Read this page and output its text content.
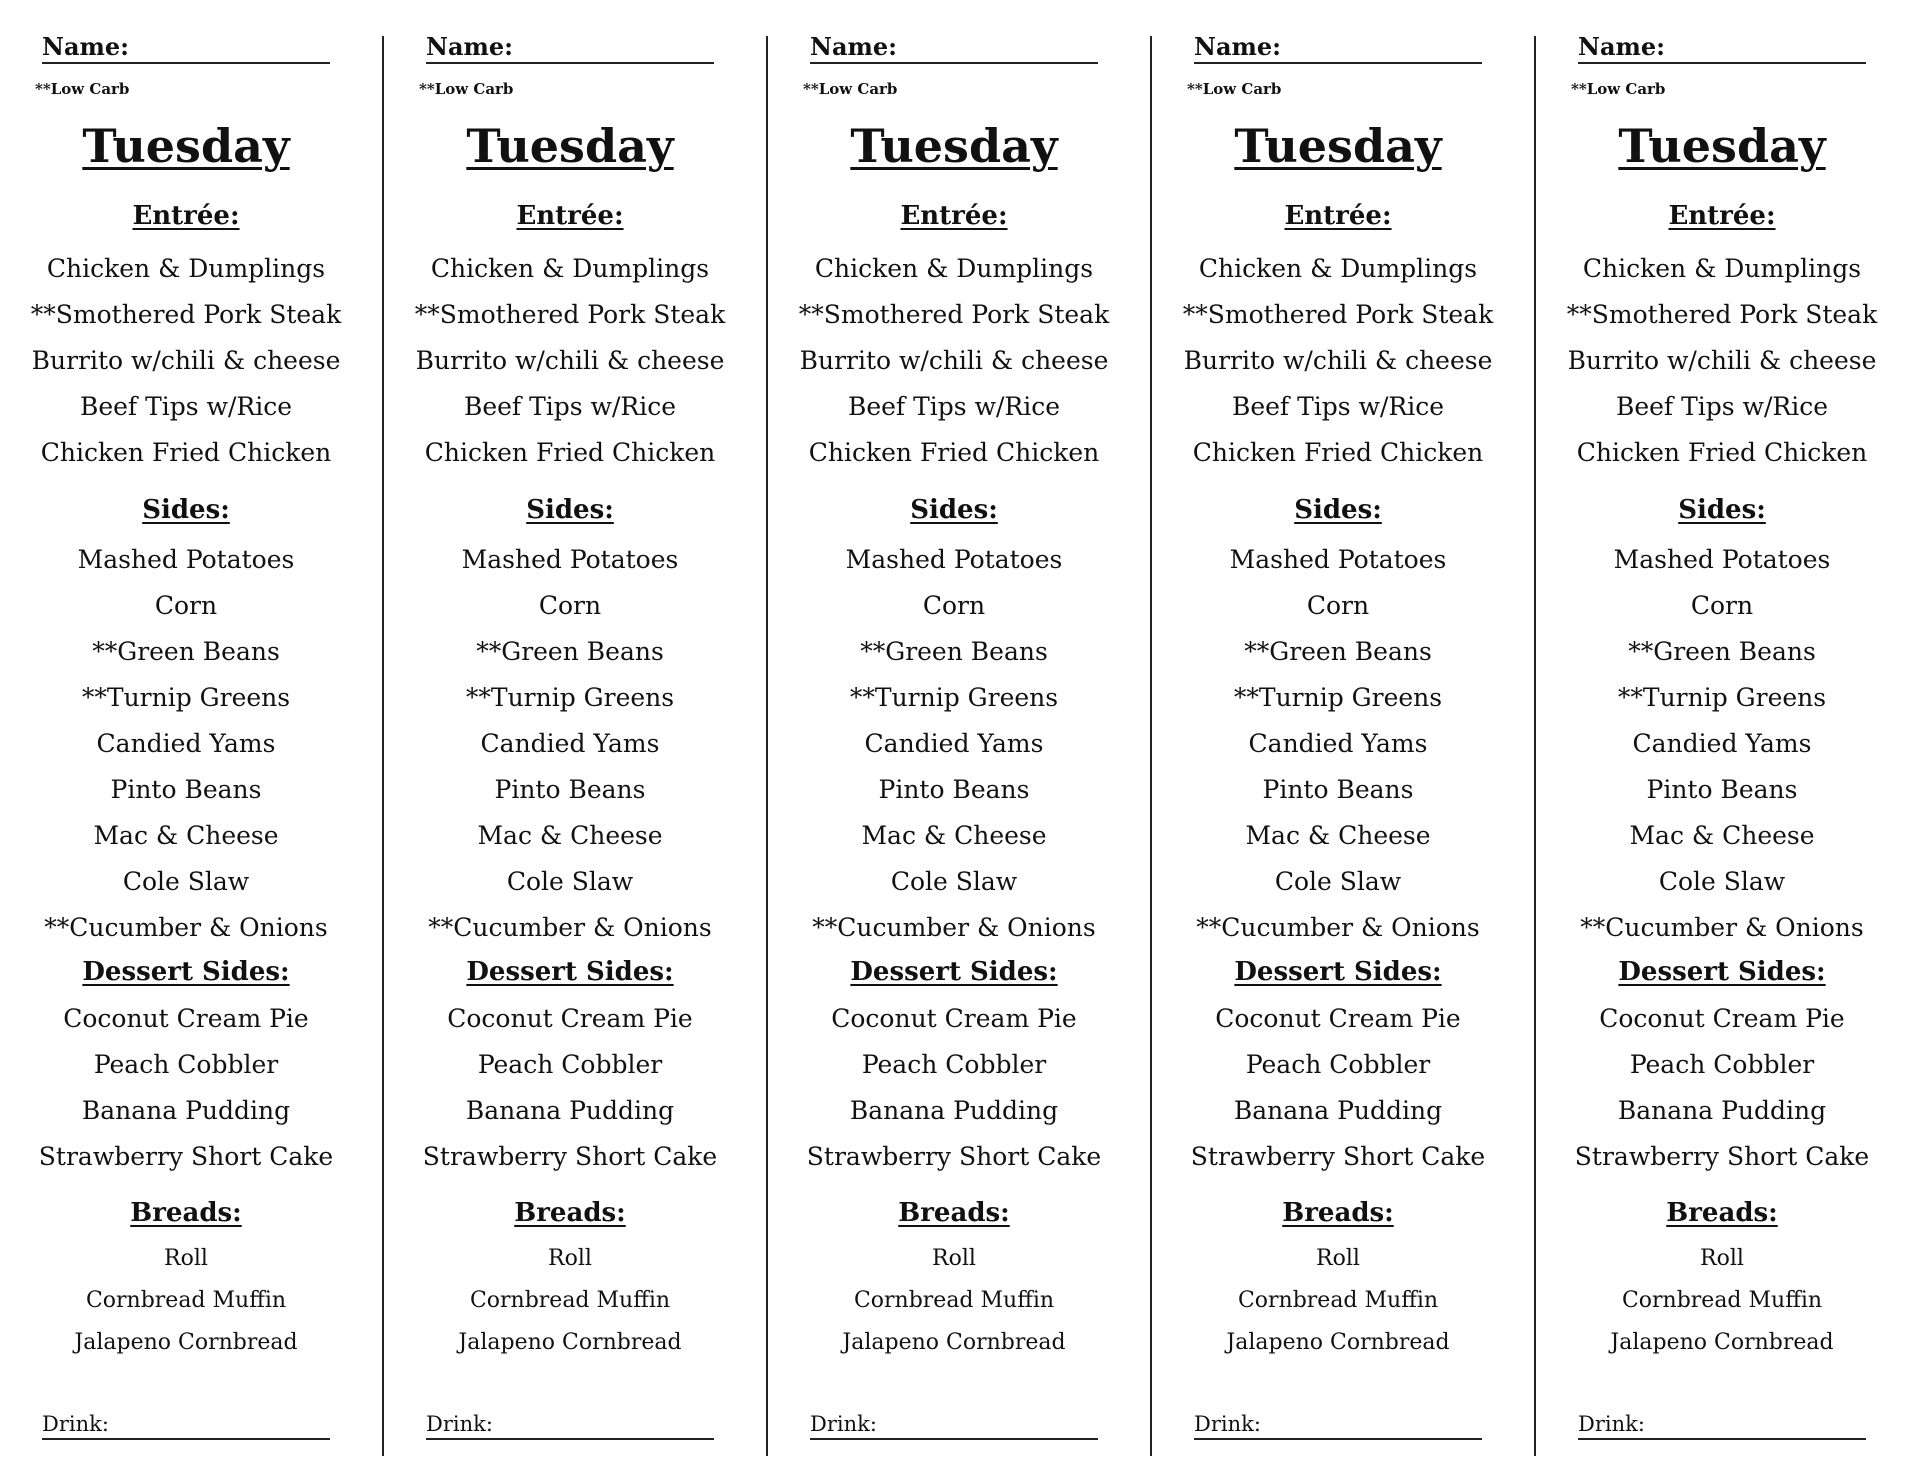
Name:
**Low Carb
Tuesday
Entrée:
Chicken & Dumplings
**Smothered Pork Steak
Burrito w/chili & cheese
Beef Tips w/Rice
Chicken Fried Chicken
Sides:
Mashed Potatoes
Corn
**Green Beans
**Turnip Greens
Candied Yams
Pinto Beans
Mac & Cheese
Cole Slaw
**Cucumber & Onions
Dessert Sides:
Coconut Cream Pie
Peach Cobbler
Banana Pudding
Strawberry Short Cake
Breads:
Roll
Cornbread Muffin
Jalapeno Cornbread
Drink:
Name:
**Low Carb
Tuesday
Entrée:
Chicken & Dumplings
**Smothered Pork Steak
Burrito w/chili & cheese
Beef Tips w/Rice
Chicken Fried Chicken
Sides:
Mashed Potatoes
Corn
**Green Beans
**Turnip Greens
Candied Yams
Pinto Beans
Mac & Cheese
Cole Slaw
**Cucumber & Onions
Dessert Sides:
Coconut Cream Pie
Peach Cobbler
Banana Pudding
Strawberry Short Cake
Breads:
Roll
Cornbread Muffin
Jalapeno Cornbread
Drink:
Name:
**Low Carb
Tuesday
Entrée:
Chicken & Dumplings
**Smothered Pork Steak
Burrito w/chili & cheese
Beef Tips w/Rice
Chicken Fried Chicken
Sides:
Mashed Potatoes
Corn
**Green Beans
**Turnip Greens
Candied Yams
Pinto Beans
Mac & Cheese
Cole Slaw
**Cucumber & Onions
Dessert Sides:
Coconut Cream Pie
Peach Cobbler
Banana Pudding
Strawberry Short Cake
Breads:
Roll
Cornbread Muffin
Jalapeno Cornbread
Drink:
Name:
**Low Carb
Tuesday
Entrée:
Chicken & Dumplings
**Smothered Pork Steak
Burrito w/chili & cheese
Beef Tips w/Rice
Chicken Fried Chicken
Sides:
Mashed Potatoes
Corn
**Green Beans
**Turnip Greens
Candied Yams
Pinto Beans
Mac & Cheese
Cole Slaw
**Cucumber & Onions
Dessert Sides:
Coconut Cream Pie
Peach Cobbler
Banana Pudding
Strawberry Short Cake
Breads:
Roll
Cornbread Muffin
Jalapeno Cornbread
Drink:
Name:
**Low Carb
Tuesday
Entrée:
Chicken & Dumplings
**Smothered Pork Steak
Burrito w/chili & cheese
Beef Tips w/Rice
Chicken Fried Chicken
Sides:
Mashed Potatoes
Corn
**Green Beans
**Turnip Greens
Candied Yams
Pinto Beans
Mac & Cheese
Cole Slaw
**Cucumber & Onions
Dessert Sides:
Coconut Cream Pie
Peach Cobbler
Banana Pudding
Strawberry Short Cake
Breads:
Roll
Cornbread Muffin
Jalapeno Cornbread
Drink:
